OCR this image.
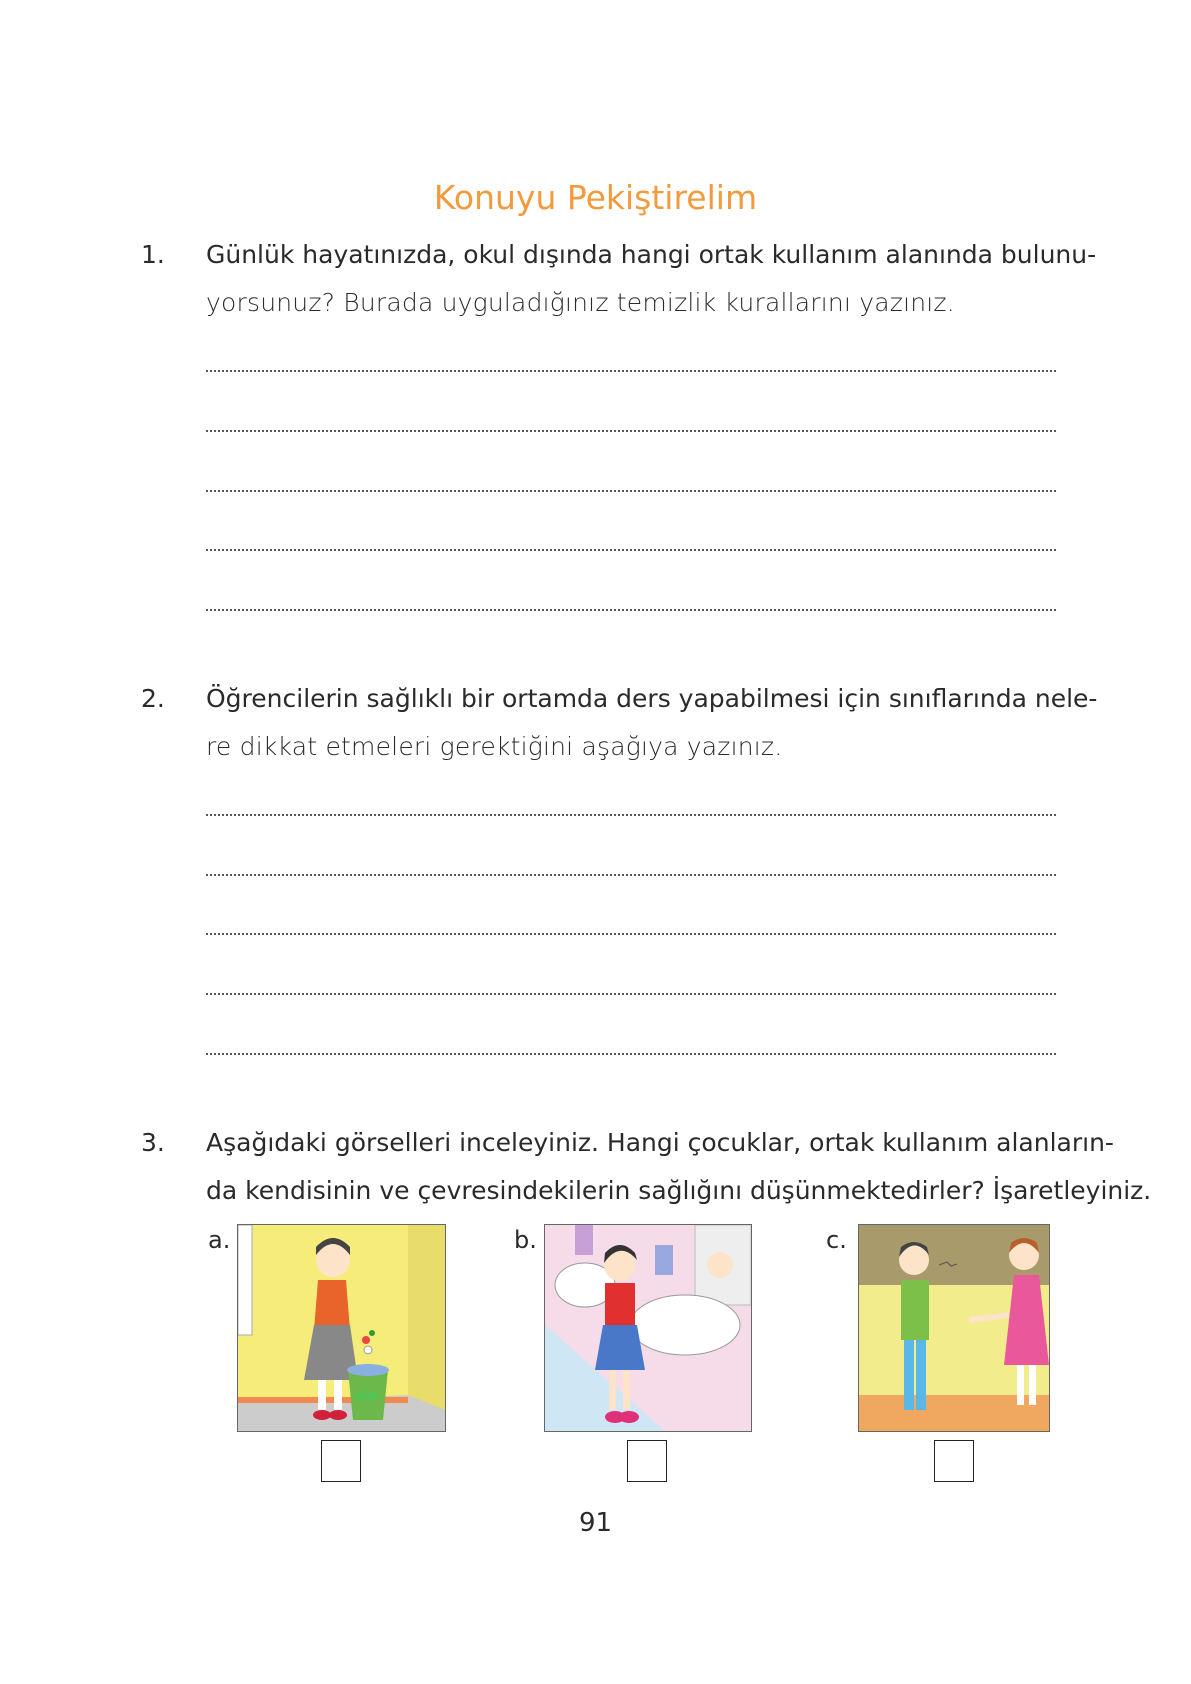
Konuyu Pekiştirelim
1. Günlük hayatınızda, okul dışında hangi ortak kullanım alanında bulunu-
yorsunuz? Burada uyguladığınız temizlik kurallarını yazınız.
2. Öğrencilerin sağlıklı bir ortamda ders yapabilmesi için sınıflarında nele-
re dikkat etmeleri gerektiğini aşağıya yazınız.
3. Aşağıdaki görselleri inceleyiniz. Hangi çocuklar, ortak kullanım alanların-
da kendisinin ve çevresindekilerin sağlığını düşünmektedirler? İşaretleyiniz.
a.
ÇÖP
b.	c.
91
